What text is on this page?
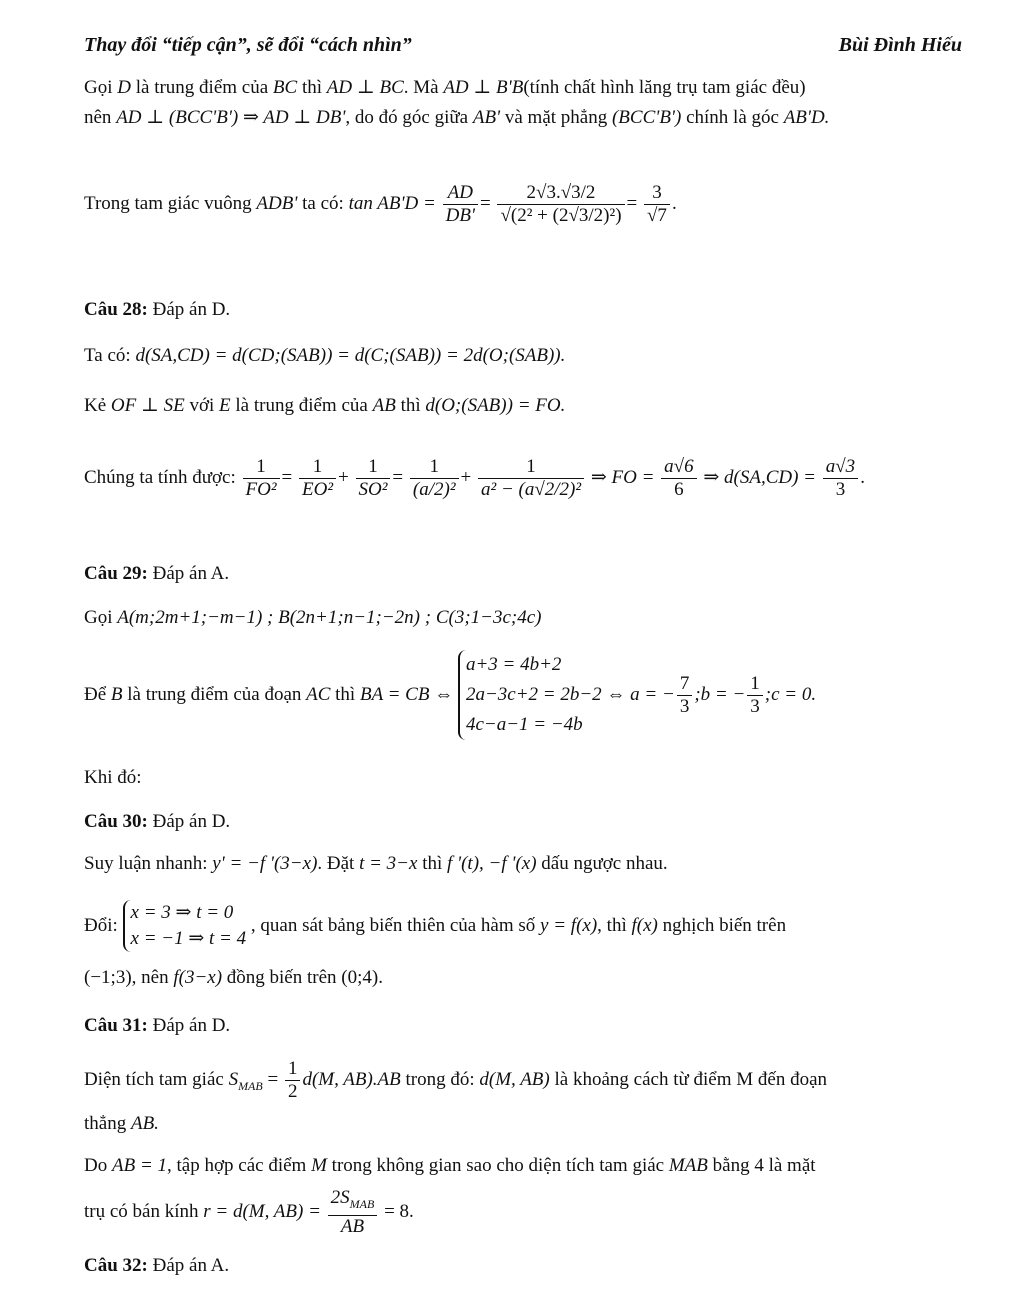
Thay đổi “tiếp cận”, sẽ đổi “cách nhìn”	Bùi Đình Hiếu
Gọi D là trung điểm của BC thì AD ⊥ BC. Mà AD ⊥ B'B(tính chất hình lăng trụ tam giác đều)
nên AD ⊥ (BCC'B') ⇒ AD ⊥ DB', do đó góc giữa AB' và mặt phẳng (BCC'B') chính là góc AB'D.
Trong tam giác vuông ADB' ta có: $\tan AB'D = \frac{AD}{DB'} = \frac{2√3.√3/2}{\text{√(2² + (2√3/2)²)}} = \frac{3}{√7}$ .
Câu 28: Đáp án D.
Ta có: d(SA,CD) = d(CD;(SAB)) = d(C;(SAB)) = 2d(O;(SAB)).
Kẻ OF ⊥ SE với E là trung điểm của AB thì d(O;(SAB)) = FO.
Chúng ta tính được: $\frac{1}{\text{FO²}} = \frac{1}{\text{EO²}} + \frac{1}{\text{SO²}} = \frac{1}{\text{(a/2)²}} + \frac{1}{\text{a² − (a√2/2)²}}$ ⇒ FO = $\frac{a√6}{6}$ ⇒ $d(SA,CD) = \frac{a√3}{3}$ .
Câu 29: Đáp án A.
Gọi A(m;2m+1;−m−1) ; B(2n+1;n−1;−2n) ; C(3;1−3c;4c)
Để B là trung điểm của đoạn AC thì BA = CB ⇔
a+3 = 4b+2
2a−3c+2 = 2b−2
4c−a−1 = −4b
⇔ a = − $\frac{7}{3}$ ;b = − $\frac{1}{3}$ ;c = 0.
Khi đó:
Câu 30: Đáp án D.
Suy luận nhanh: y' = −f '(3−x). Đặt t = 3−x thì f '(t), −f '(x) dấu ngược nhau.
Đổi:
x = 3 ⇒ t = 0
x = −1 ⇒ t = 4
, quan sát bảng biến thiên của hàm số y = f(x), thì f(x) nghịch biến trên
(−1;3), nên f(3−x) đồng biến trên (0;4).
Câu 31: Đáp án D.
Diện tích tam giác $S_{MAB} = \frac{1}{2} d(M$, AB).AB trong đó: d(M, AB) là khoảng cách từ điểm M đến đoạn
thẳng AB.
Do AB = 1, tập hợp các điểm M trong không gian sao cho diện tích tam giác MAB bằng 4 là mặt
trụ có bán kính r = d(M, $AB) = \frac{2S_{MAB}}{AB} = 8$.
Câu 32: Đáp án A.
